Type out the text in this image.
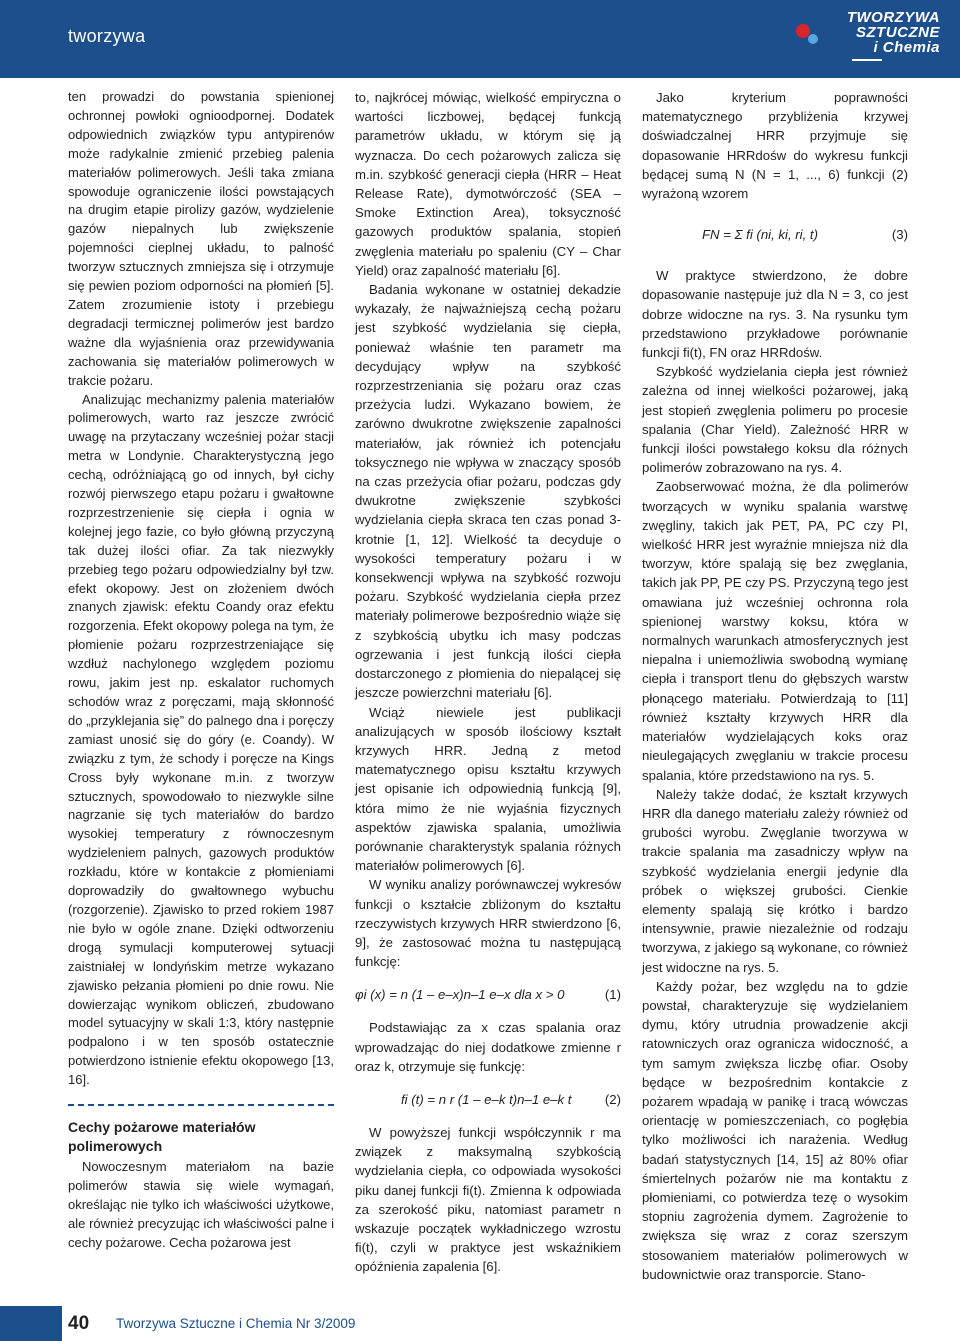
tworzywa
TWORZYWA
SZTUCZNE
i Chemia

ten prowadzi do powstania spienionej ochronnej powłoki ognioodpornej. Dodatek odpowiednich związków typu antypirenów może radykalnie zmienić przebieg palenia materiałów polimerowych. Jeśli taka zmiana spowoduje ograniczenie ilości powstających na drugim etapie pirolizy gazów, wydzielenie gazów niepalnych lub zwiększenie pojemności cieplnej układu, to palność tworzyw sztucznych zmniejsza się i otrzymuje się pewien poziom odporności na płomień [5]. Zatem zrozumienie istoty i przebiegu degradacji termicznej polimerów jest bardzo ważne dla wyjaśnienia oraz przewidywania zachowania się materiałów polimerowych w trakcie pożaru.

Analizując mechanizmy palenia materiałów polimerowych, warto raz jeszcze zwrócić uwagę na przytaczany wcześniej pożar stacji metra w Londynie. Charakterystyczną jego cechą, odróżniającą go od innych, był cichy rozwój pierwszego etapu pożaru i gwałtowne rozprzestrzenienie się ciepła i ognia w kolejnej jego fazie, co było główną przyczyną tak dużej ilości ofiar. Za tak niezwykły przebieg tego pożaru odpowiedzialny był tzw. efekt okopowy. Jest on złożeniem dwóch znanych zjawisk: efektu Coandy oraz efektu rozgorzenia. Efekt okopowy polega na tym, że płomienie pożaru rozprzestrzeniające się wzdłuż nachylonego względem poziomu rowu, jakim jest np. eskalator ruchomych schodów wraz z poręczami, mają skłonność do „przyklejania się” do palnego dna i poręczy zamiast unosić się do góry (e. Coandy). W związku z tym, że schody i poręcze na Kings Cross były wykonane m.in. z tworzyw sztucznych, spowodowało to niezwykle silne nagrzanie się tych materiałów do bardzo wysokiej temperatury z równoczesnym wydzieleniem palnych, gazowych produktów rozkładu, które w kontakcie z płomieniami doprowadziły do gwałtownego wybuchu (rozgorzenie). Zjawisko to przed rokiem 1987 nie było w ogóle znane. Dzięki odtworzeniu drogą symulacji komputerowej sytuacji zaistniałej w londyńskim metrze wykazano zjawisko pełzania płomieni po dnie rowu. Nie dowierzając wynikom obliczeń, zbudowano model sytuacyjny w skali 1:3, który następnie podpalono i w ten sposób ostatecznie potwierdzono istnienie efektu okopowego [13, 16].

Cechy pożarowe materiałów polimerowych

Nowoczesnym materiałom na bazie polimerów stawia się wiele wymagań, określając nie tylko ich właściwości użytkowe, ale również precyzując ich właściwości palne i cechy pożarowe. Cecha pożarowa jest

to, najkrócej mówiąc, wielkość empiryczna o wartości liczbowej, będącej funkcją parametrów układu, w którym się ją wyznacza. Do cech pożarowych zalicza się m.in. szybkość generacji ciepła (HRR – Heat Release Rate), dymotwórczość (SEA – Smoke Extinction Area), toksyczność gazowych produktów spalania, stopień zwęglenia materiału po spaleniu (CY – Char Yield) oraz zapalność materiału [6].

Badania wykonane w ostatniej dekadzie wykazały, że najważniejszą cechą pożaru jest szybkość wydzielania się ciepła, ponieważ właśnie ten parametr ma decydujący wpływ na szybkość rozprzestrzeniania się pożaru oraz czas przeżycia ludzi. Wykazano bowiem, że zarówno dwukrotne zwiększenie zapalności materiałów, jak również ich potencjału toksycznego nie wpływa w znaczący sposób na czas przeżycia ofiar pożaru, podczas gdy dwukrotne zwiększenie szybkości wydzielania ciepła skraca ten czas ponad 3-krotnie [1, 12]. Wielkość ta decyduje o wysokości temperatury pożaru i w konsekwencji wpływa na szybkość rozwoju pożaru. Szybkość wydzielania ciepła przez materiały polimerowe bezpośrednio wiąże się z szybkością ubytku ich masy podczas ogrzewania i jest funkcją ilości ciepła dostarczonego z płomienia do niepalącej się jeszcze powierzchni materiału [6].

Wciąż niewiele jest publikacji analizujących w sposób ilościowy kształt krzywych HRR. Jedną z metod matematycznego opisu kształtu krzywych jest opisanie ich odpowiednią funkcją [9], która mimo że nie wyjaśnia fizycznych aspektów zjawiska spalania, umożliwia porównanie charakterystyk spalania różnych materiałów polimerowych [6].

W wyniku analizy porównawczej wykresów funkcji o kształcie zbliżonym do kształtu rzeczywistych krzywych HRR stwierdzono [6, 9], że zastosować można tu następującą funkcję:

φi (x) = n (1 – e–x)n–1 e–x dla x > 0	(1)

Podstawiając za x czas spalania oraz wprowadzając do niej dodatkowe zmienne r oraz k, otrzymuje się funkcję:

fi (t) = n r (1 – e–k t)n–1 e–k t	(2)

W powyższej funkcji współczynnik r ma związek z maksymalną szybkością wydzielania ciepła, co odpowiada wysokości piku danej funkcji fi(t). Zmienna k odpowiada za szerokość piku, natomiast parametr n wskazuje początek wykładniczego wzrostu fi(t), czyli w praktyce jest wskaźnikiem opóźnienia zapalenia [6].

Jako kryterium poprawności matematycznego przybliżenia krzywej doświadczalnej HRR przyjmuje się dopasowanie HRRdośw do wykresu funkcji będącej sumą N (N = 1, ..., 6) funkcji (2) wyrażoną wzorem

FN = Σ fi (ni, ki, ri, t)	(3)

W praktyce stwierdzono, że dobre dopasowanie następuje już dla N = 3, co jest dobrze widoczne na rys. 3. Na rysunku tym przedstawiono przykładowe porównanie funkcji fi(t), FN oraz HRRdośw.

Szybkość wydzielania ciepła jest również zależna od innej wielkości pożarowej, jaką jest stopień zwęglenia polimeru po procesie spalania (Char Yield). Zależność HRR w funkcji ilości powstałego koksu dla różnych polimerów zobrazowano na rys. 4.

Zaobserwować można, że dla polimerów tworzących w wyniku spalania warstwę zwęgliny, takich jak PET, PA, PC czy PI, wielkość HRR jest wyraźnie mniejsza niż dla tworzyw, które spalają się bez zwęglania, takich jak PP, PE czy PS. Przyczyną tego jest omawiana już wcześniej ochronna rola spienionej warstwy koksu, która w normalnych warunkach atmosferycznych jest niepalna i uniemożliwia swobodną wymianę ciepła i transport tlenu do głębszych warstw płonącego materiału. Potwierdzają to [11] również kształty krzywych HRR dla materiałów wydzielających koks oraz nieulegających zwęglaniu w trakcie procesu spalania, które przedstawiono na rys. 5.

Należy także dodać, że kształt krzywych HRR dla danego materiału zależy również od grubości wyrobu. Zwęglanie tworzywa w trakcie spalania ma zasadniczy wpływ na szybkość wydzielania energii jedynie dla próbek o większej grubości. Cienkie elementy spalają się krótko i bardzo intensywnie, prawie niezależnie od rodzaju tworzywa, z jakiego są wykonane, co również jest widoczne na rys. 5.

Każdy pożar, bez względu na to gdzie powstał, charakteryzuje się wydzielaniem dymu, który utrudnia prowadzenie akcji ratowniczych oraz ogranicza widoczność, a tym samym zwiększa liczbę ofiar. Osoby będące w bezpośrednim kontakcie z pożarem wpadają w panikę i tracą wówczas orientację w pomieszczeniach, co pogłębia tylko możliwości ich narażenia. Według badań statystycznych [14, 15] aż 80% ofiar śmiertelnych pożarów nie ma kontaktu z płomieniami, co potwierdza tezę o wysokim stopniu zagrożenia dymem. Zagrożenie to zwiększa się wraz z coraz szerszym stosowaniem materiałów polimerowych w budownictwie oraz transporcie. Stano-

40 Tworzywa Sztuczne i Chemia Nr 3/2009
